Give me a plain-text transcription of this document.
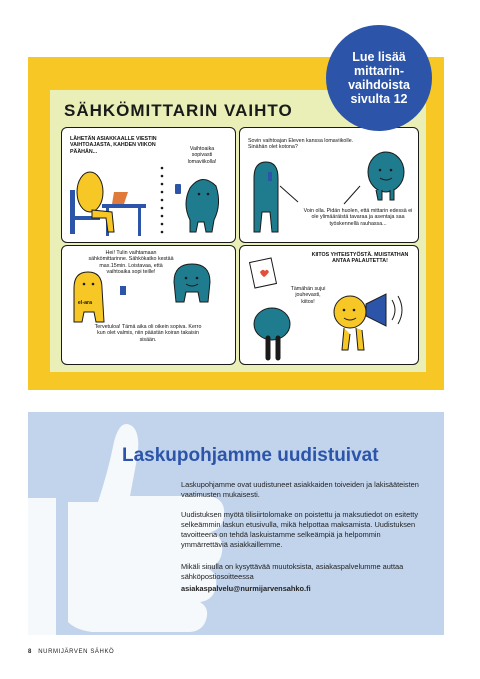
SÄHKÖMITTARIN VAIHTO
LÄHETÄN ASIAKKAALLE VIESTIN VAIHTOAJASTA, KAHDEN VIIKON PÄÄHÄN...	Vaihtoaika sopivasti lomaviikolla!
Sovin vaihtoajan Eleven kanssa lomaviikolle. Sinähän olet kotona?
Voin olla. Pidän huolen, että mittarin edessä ei ole ylimääräistä tavaraa ja asentaja saa työskennellä rauhassa...
Hei! Tulin vaihtamaan sähkömittarinne. Sähkökatko kestää max.15min. Loistavaa, että vaihtoaika sopi teille!
Tervetuloa! Tämä aika oli oikein sopiva. Kerro kun olet valmis, niin päästän koiran takaisin sisään.
el-ara
KIITOS YHTEISTYÖSTÄ. MUISTATHAN ANTAA PALAUTETTA!
Tämähän sujui jouhevasti, kiitos!
Lue lisää
mittarin-
vaihdoista
sivulta 12
Laskupohjamme uudistuivat
Laskupohjamme ovat uudistuneet asiakkaiden toiveiden ja lakisääteisten vaatimusten mukaisesti.
Uudistuksen myötä tilisiirtolomake on poistettu ja maksutiedot on esitetty selkeämmin laskun etusivulla, mikä helpottaa maksamista. Uudistuksen tavoitteena on tehdä laskuistamme selkeämpiä ja helpommin ymmärrettäviä asiakkaillemme.
Mikäli sinulla on kysyttävää muutoksista, asiakaspalvelumme auttaa sähköpostiosoitteessa
asiakaspalvelu@nurmijarvensahko.fi
8 NURMIJÄRVEN SÄHKÖ
